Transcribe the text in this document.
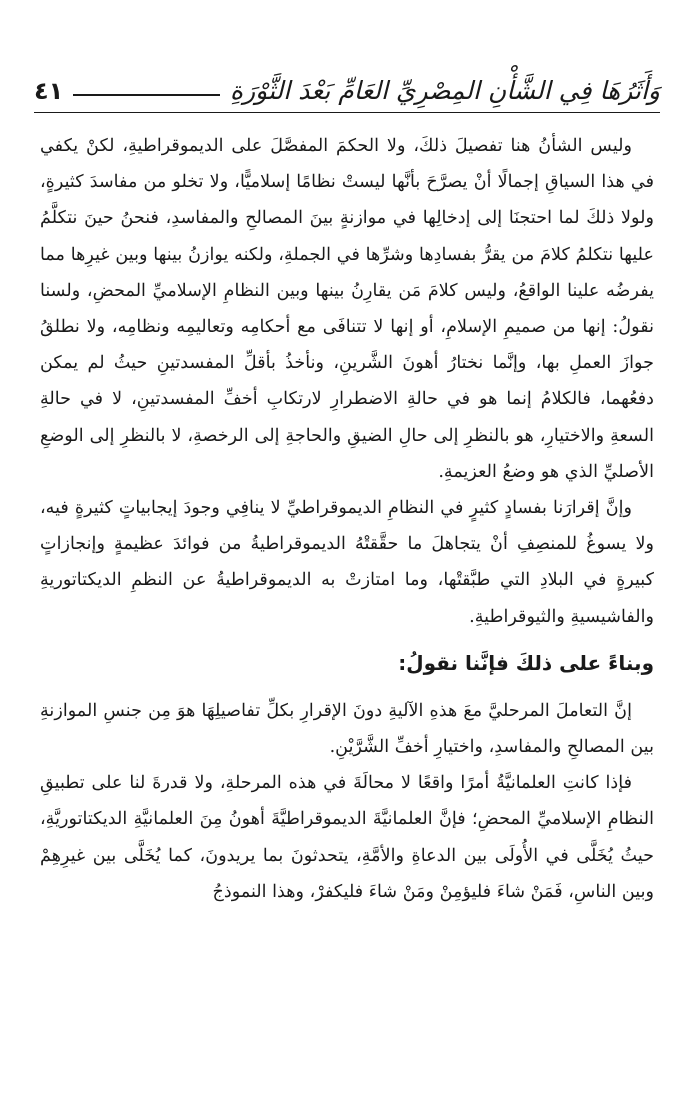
وَأَثَرُهَا فِي الشَّأْنِ المِصْرِيِّ العَامِّ بَعْدَ الثَّوْرَةِ
٤١

وليس الشأنُ هنا تفصيلَ ذلكَ، ولا الحكمَ المفصَّلَ على الديموقراطيةِ، لكنْ يكفي في هذا السياقِ إجمالًا أنْ يصرَّحَ بأنَّها ليستْ نظامًا إسلاميًّا، ولا تخلو من مفاسدَ كثيرةٍ، ولولا ذلكَ لما احتجنَا إلى إدخالِها في موازنةٍ بينَ المصالحِ والمفاسدِ، فنحنُ حينَ نتكلَّمُ عليها نتكلمُ كلامَ من يقرُّ بفسادِها وشرِّها في الجملةِ، ولكنه يوازنُ بينها وبين غيرِها مما يفرضُه علينا الواقعُ، وليس كلامَ مَن يقارِنُ بينها وبين النظامِ الإسلاميِّ المحضِ، ولسنا نقولُ: إنها من صميمِ الإسلامِ، أو إنها لا تتنافَى مع أحكامِه وتعاليمِه ونظامِه، ولا نطلقُ جوازَ العملِ بها، وإنَّما نختارُ أهونَ الشَّرينِ، ونأخذُ بأقلِّ المفسدتينِ حيثُ لم يمكن دفعُهما، فالكلامُ إنما هو في حالةِ الاضطرارِ لارتكابِ أخفِّ المفسدتينِ، لا في حالةِ السعةِ والاختيارِ، هو بالنظرِ إلى حالِ الضيقِ والحاجةِ إلى الرخصةِ، لا بالنظرِ إلى الوضعِ الأصليِّ الذي هو وضعُ العزيمةِ.

وإنَّ إقرارَنا بفسادٍ كثيرٍ في النظامِ الديموقراطيِّ لا ينافِي وجودَ إيجابياتٍ كثيرةٍ فيه، ولا يسوغُ للمنصِفِ أنْ يتجاهلَ ما حقَّقتْهُ الديموقراطيةُ من فوائدَ عظيمةٍ وإنجازاتٍ كبيرةٍ في البلادِ التي طبَّقتْها، وما امتازتْ به الديموقراطيةُ عن النظمِ الديكتاتوريةِ والفاشيسيةِ والثيوقراطيةِ.

وبناءً على ذلكَ فإنَّنا نقولُ:

إنَّ التعاملَ المرحليَّ معَ هذهِ الآليةِ دونَ الإقرارِ بكلِّ تفاصيلِهَا هوَ مِن جنسِ الموازنةِ بين المصالحِ والمفاسدِ، واختيارِ أخفِّ الشَّرَّيْنِ.

فإذا كانتِ العلمانيَّةُ أمرًا واقعًا لا محالَةَ في هذه المرحلةِ، ولا قدرةَ لنا على تطبيقِ النظامِ الإسلاميِّ المحضِ؛ فإنَّ العلمانيَّةَ الديموقراطيَّةَ أهونُ مِنَ العلمانيَّةِ الديكتاتوريَّةِ، حيثُ يُخَلَّى في الأُولَى بين الدعاةِ والأمَّةِ، يتحدثونَ بما يريدونَ، كما يُخَلَّى بين غيرِهِمْ وبين الناسِ، فَمَنْ شاءَ فليؤمِنْ ومَنْ شاءَ فليكفرْ، وهذا النموذجُ
